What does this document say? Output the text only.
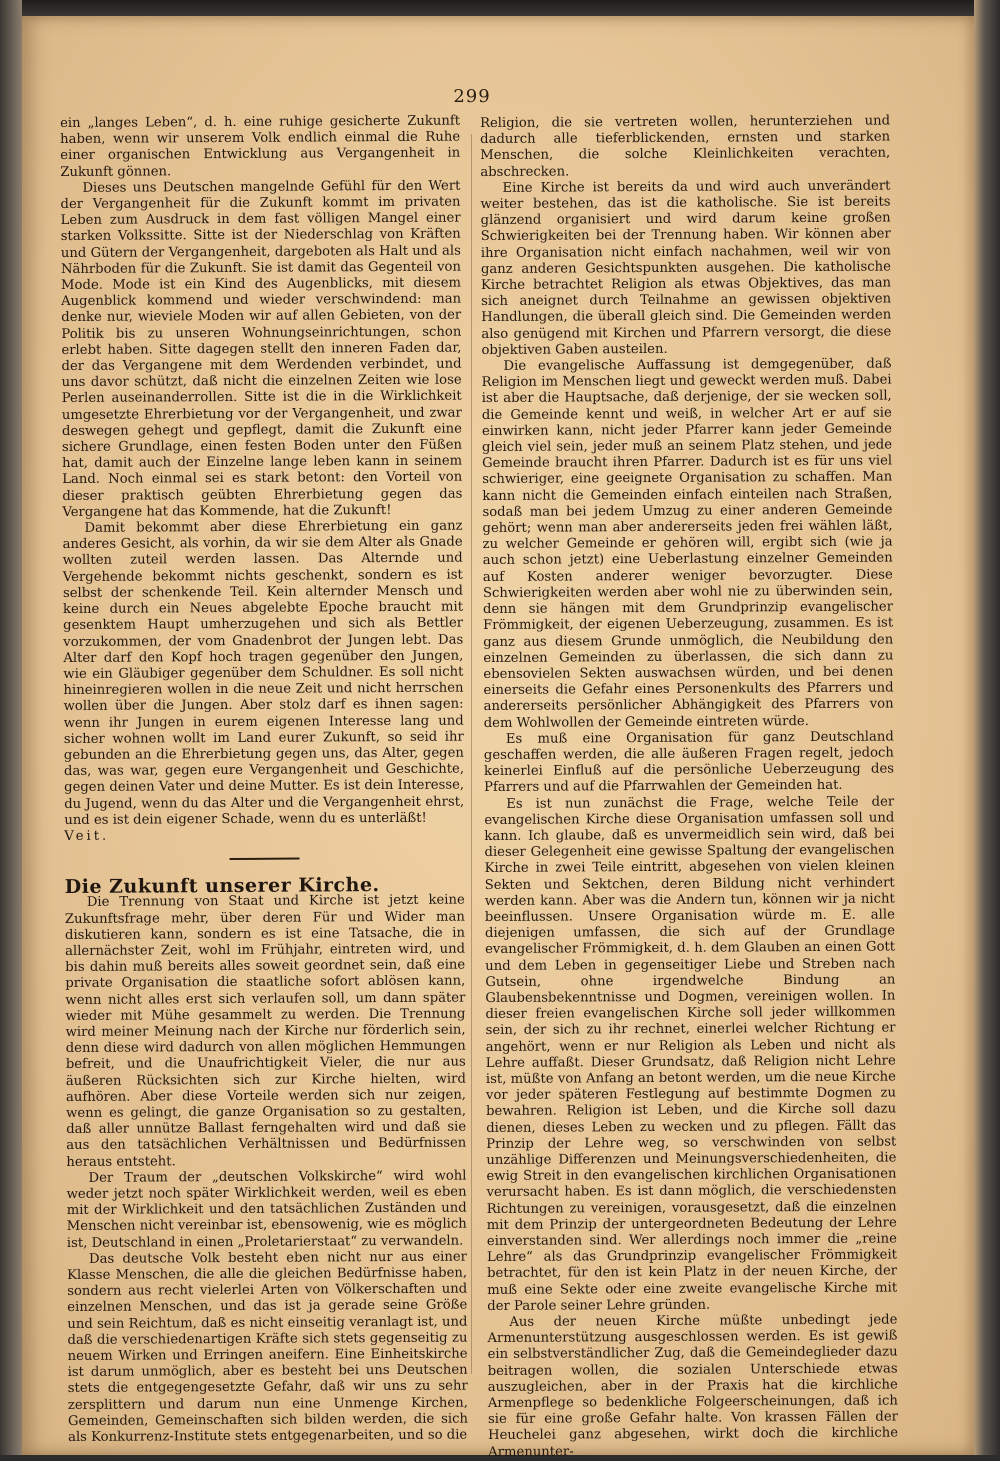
299

ein „langes Leben“, d. h. eine ruhige gesicherte Zukunft haben, wenn wir unserem Volk endlich einmal die Ruhe einer organischen Entwicklung aus Vergangenheit in Zukunft gönnen.

Dieses uns Deutschen mangelnde Gefühl für den Wert der Vergangenheit für die Zukunft kommt im privaten Leben zum Ausdruck in dem fast völligen Mangel einer starken Volkssitte. Sitte ist der Niederschlag von Kräften und Gütern der Vergangenheit, dargeboten als Halt und als Nährboden für die Zukunft. Sie ist damit das Gegenteil von Mode. Mode ist ein Kind des Augenblicks, mit diesem Augenblick kommend und wieder verschwindend: man denke nur, wieviele Moden wir auf allen Gebieten, von der Politik bis zu unseren Wohnungseinrichtungen, schon erlebt haben. Sitte dagegen stellt den inneren Faden dar, der das Vergangene mit dem Werdenden verbindet, und uns davor schützt, daß nicht die einzelnen Zeiten wie lose Perlen auseinanderrollen. Sitte ist die in die Wirklichkeit umgesetzte Ehrerbietung vor der Vergangenheit, und zwar deswegen gehegt und gepflegt, damit die Zukunft eine sichere Grundlage, einen festen Boden unter den Füßen hat, damit auch der Einzelne lange leben kann in seinem Land. Noch einmal sei es stark betont: den Vorteil von dieser praktisch geübten Ehrerbietung gegen das Vergangene hat das Kommende, hat die Zukunft!

Damit bekommt aber diese Ehrerbietung ein ganz anderes Gesicht, als vorhin, da wir sie dem Alter als Gnade wollten zuteil werden lassen. Das Alternde und Vergehende bekommt nichts geschenkt, sondern es ist selbst der schenkende Teil. Kein alternder Mensch und keine durch ein Neues abgelebte Epoche braucht mit gesenktem Haupt umherzugehen und sich als Bettler vorzukommen, der vom Gnadenbrot der Jungen lebt. Das Alter darf den Kopf hoch tragen gegenüber den Jungen, wie ein Gläubiger gegenüber dem Schuldner. Es soll nicht hineinregieren wollen in die neue Zeit und nicht herrschen wollen über die Jungen. Aber stolz darf es ihnen sagen: wenn ihr Jungen in eurem eigenen Interesse lang und sicher wohnen wollt im Land eurer Zukunft, so seid ihr gebunden an die Ehrerbietung gegen uns, das Alter, gegen das, was war, gegen eure Vergangenheit und Geschichte, gegen deinen Vater und deine Mutter. Es ist dein Interesse, du Jugend, wenn du das Alter und die Vergangenheit ehrst, und es ist dein eigener Schade, wenn du es unterläßt!

Veit.

Die Zukunft unserer Kirche.

Die Trennung von Staat und Kirche ist jetzt keine Zukunftsfrage mehr, über deren Für und Wider man diskutieren kann, sondern es ist eine Tatsache, die in allernächster Zeit, wohl im Frühjahr, eintreten wird, und bis dahin muß bereits alles soweit geordnet sein, daß eine private Organisation die staatliche sofort ablösen kann, wenn nicht alles erst sich verlaufen soll, um dann später wieder mit Mühe gesammelt zu werden. Die Trennung wird meiner Meinung nach der Kirche nur förderlich sein, denn diese wird dadurch von allen möglichen Hemmungen befreit, und die Unaufrichtigkeit Vieler, die nur aus äußeren Rücksichten sich zur Kirche hielten, wird aufhören. Aber diese Vorteile werden sich nur zeigen, wenn es gelingt, die ganze Organisation so zu gestalten, daß aller unnütze Ballast ferngehalten wird und daß sie aus den tatsächlichen Verhältnissen und Bedürfnissen heraus entsteht.

Der Traum der „deutschen Volkskirche“ wird wohl weder jetzt noch später Wirklichkeit werden, weil es eben mit der Wirklichkeit und den tatsächlichen Zuständen und Menschen nicht vereinbar ist, ebensowenig, wie es möglich ist, Deutschland in einen „Proletarierstaat“ zu verwandeln.

Das deutsche Volk besteht eben nicht nur aus einer Klasse Menschen, die alle die gleichen Bedürfnisse haben, sondern aus recht vielerlei Arten von Völkerschaften und einzelnen Menschen, und das ist ja gerade seine Größe und sein Reichtum, daß es nicht einseitig veranlagt ist, und daß die verschiedenartigen Kräfte sich stets gegenseitig zu neuem Wirken und Erringen aneifern. Eine Einheitskirche ist darum unmöglich, aber es besteht bei uns Deutschen stets die entgegengesetzte Gefahr, daß wir uns zu sehr zersplittern und darum nun eine Unmenge Kirchen, Gemeinden, Gemeinschaften sich bilden werden, die sich als Konkurrenz-Institute stets entgegenarbeiten, und so die

Religion, die sie vertreten wollen, herunterziehen und dadurch alle tieferblickenden, ernsten und starken Menschen, die solche Kleinlichkeiten verachten, abschrecken.

Eine Kirche ist bereits da und wird auch unverändert weiter bestehen, das ist die katholische. Sie ist bereits glänzend organisiert und wird darum keine großen Schwierigkeiten bei der Trennung haben. Wir können aber ihre Organisation nicht einfach nachahmen, weil wir von ganz anderen Gesichtspunkten ausgehen. Die katholische Kirche betrachtet Religion als etwas Objektives, das man sich aneignet durch Teilnahme an gewissen objektiven Handlungen, die überall gleich sind. Die Gemeinden werden also genügend mit Kirchen und Pfarrern versorgt, die diese objektiven Gaben austeilen.

Die evangelische Auffassung ist demgegenüber, daß Religion im Menschen liegt und geweckt werden muß. Dabei ist aber die Hauptsache, daß derjenige, der sie wecken soll, die Gemeinde kennt und weiß, in welcher Art er auf sie einwirken kann, nicht jeder Pfarrer kann jeder Gemeinde gleich viel sein, jeder muß an seinem Platz stehen, und jede Gemeinde braucht ihren Pfarrer. Dadurch ist es für uns viel schwieriger, eine geeignete Organisation zu schaffen. Man kann nicht die Gemeinden einfach einteilen nach Straßen, sodaß man bei jedem Umzug zu einer anderen Gemeinde gehört; wenn man aber andererseits jeden frei wählen läßt, zu welcher Gemeinde er gehören will, ergibt sich (wie ja auch schon jetzt) eine Ueberlastung einzelner Gemeinden auf Kosten anderer weniger bevorzugter. Diese Schwierigkeiten werden aber wohl nie zu überwinden sein, denn sie hängen mit dem Grundprinzip evangelischer Frömmigkeit, der eigenen Ueberzeugung, zusammen. Es ist ganz aus diesem Grunde unmöglich, die Neubildung den einzelnen Gemeinden zu überlassen, die sich dann zu ebensovielen Sekten auswachsen würden, und bei denen einerseits die Gefahr eines Personenkults des Pfarrers und andererseits persönlicher Abhängigkeit des Pfarrers von dem Wohlwollen der Gemeinde eintreten würde.

Es muß eine Organisation für ganz Deutschland geschaffen werden, die alle äußeren Fragen regelt, jedoch keinerlei Einfluß auf die persönliche Ueberzeugung des Pfarrers und auf die Pfarrwahlen der Gemeinden hat.

Es ist nun zunächst die Frage, welche Teile der evangelischen Kirche diese Organisation umfassen soll und kann. Ich glaube, daß es unvermeidlich sein wird, daß bei dieser Gelegenheit eine gewisse Spaltung der evangelischen Kirche in zwei Teile eintritt, abgesehen von vielen kleinen Sekten und Sektchen, deren Bildung nicht verhindert werden kann. Aber was die Andern tun, können wir ja nicht beeinflussen. Unsere Organisation würde m. E. alle diejenigen umfassen, die sich auf der Grundlage evangelischer Frömmigkeit, d. h. dem Glauben an einen Gott und dem Leben in gegenseitiger Liebe und Streben nach Gutsein, ohne irgendwelche Bindung an Glaubensbekenntnisse und Dogmen, vereinigen wollen. In dieser freien evangelischen Kirche soll jeder willkommen sein, der sich zu ihr rechnet, einerlei welcher Richtung er angehört, wenn er nur Religion als Leben und nicht als Lehre auffaßt. Dieser Grundsatz, daß Religion nicht Lehre ist, müßte von Anfang an betont werden, um die neue Kirche vor jeder späteren Festlegung auf bestimmte Dogmen zu bewahren. Religion ist Leben, und die Kirche soll dazu dienen, dieses Leben zu wecken und zu pflegen. Fällt das Prinzip der Lehre weg, so verschwinden von selbst unzählige Differenzen und Meinungsverschiedenheiten, die ewig Streit in den evangelischen kirchlichen Organisationen verursacht haben. Es ist dann möglich, die verschiedensten Richtungen zu vereinigen, vorausgesetzt, daß die einzelnen mit dem Prinzip der untergeordneten Bedeutung der Lehre einverstanden sind. Wer allerdings noch immer die „reine Lehre“ als das Grundprinzip evangelischer Frömmigkeit betrachtet, für den ist kein Platz in der neuen Kirche, der muß eine Sekte oder eine zweite evangelische Kirche mit der Parole seiner Lehre gründen.

Aus der neuen Kirche müßte unbedingt jede Armenunterstützung ausgeschlossen werden. Es ist gewiß ein selbstverständlicher Zug, daß die Gemeindeglieder dazu beitragen wollen, die sozialen Unterschiede etwas auszugleichen, aber in der Praxis hat die kirchliche Armenpflege so bedenkliche Folgeerscheinungen, daß ich sie für eine große Gefahr halte. Von krassen Fällen der Heuchelei ganz abgesehen, wirkt doch die kirchliche Armenunter-
